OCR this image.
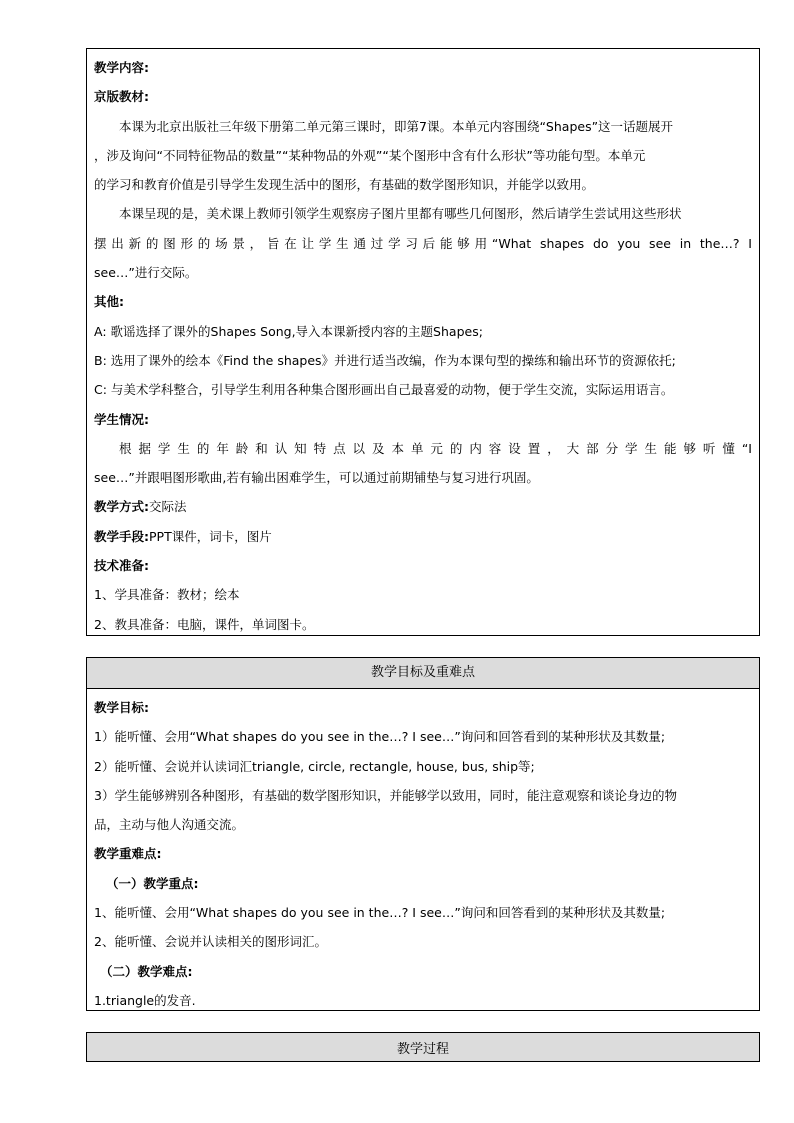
教学内容:
京版教材:
本课为北京出版社三年级下册第二单元第三课时，即第7课。本单元内容围绕“Shapes”这一话题展开
，涉及询问“不同特征物品的数量”“某种物品的外观”“某个图形中含有什么形状”等功能句型。本单元
的学习和教育价值是引导学生发现生活中的图形，有基础的数学图形知识，并能学以致用。
本课呈现的是，美术课上教师引领学生观察房子图片里都有哪些几何图形，然后请学生尝试用这些形状
摆出新的图形的场景，旨在让学生通过学习后能够用“What shapes do you see in the…? I
see…”进行交际。
其他:
A: 歌谣选择了课外的Shapes Song,导入本课新授内容的主题Shapes;
B: 选用了课外的绘本《Find the shapes》并进行适当改编，作为本课句型的操练和输出环节的资源依托;
C: 与美术学科整合，引导学生利用各种集合图形画出自己最喜爱的动物，便于学生交流，实际运用语言。
学生情况:
根据学生的年龄和认知特点以及本单元的内容设置，大部分学生能够听懂“I
see…”并跟唱图形歌曲,若有输出困难学生，可以通过前期铺垫与复习进行巩固。
教学方式:交际法
教学手段:PPT课件，词卡，图片
技术准备:
1、学具准备：教材；绘本
2、教具准备：电脑，课件，单词图卡。
教学目标及重难点
教学目标:
1）能听懂、会用“What shapes do you see in the…? I see…”询问和回答看到的某种形状及其数量;
2）能听懂、会说并认读词汇triangle, circle, rectangle, house, bus, ship等;
3）学生能够辨别各种图形，有基础的数学图形知识，并能够学以致用，同时，能注意观察和谈论身边的物
品，主动与他人沟通交流。
教学重难点:
（一）教学重点:
1、能听懂、会用“What shapes do you see in the…? I see…”询问和回答看到的某种形状及其数量;
2、能听懂、会说并认读相关的图形词汇。
（二）教学难点:
1.triangle的发音.
教学过程
